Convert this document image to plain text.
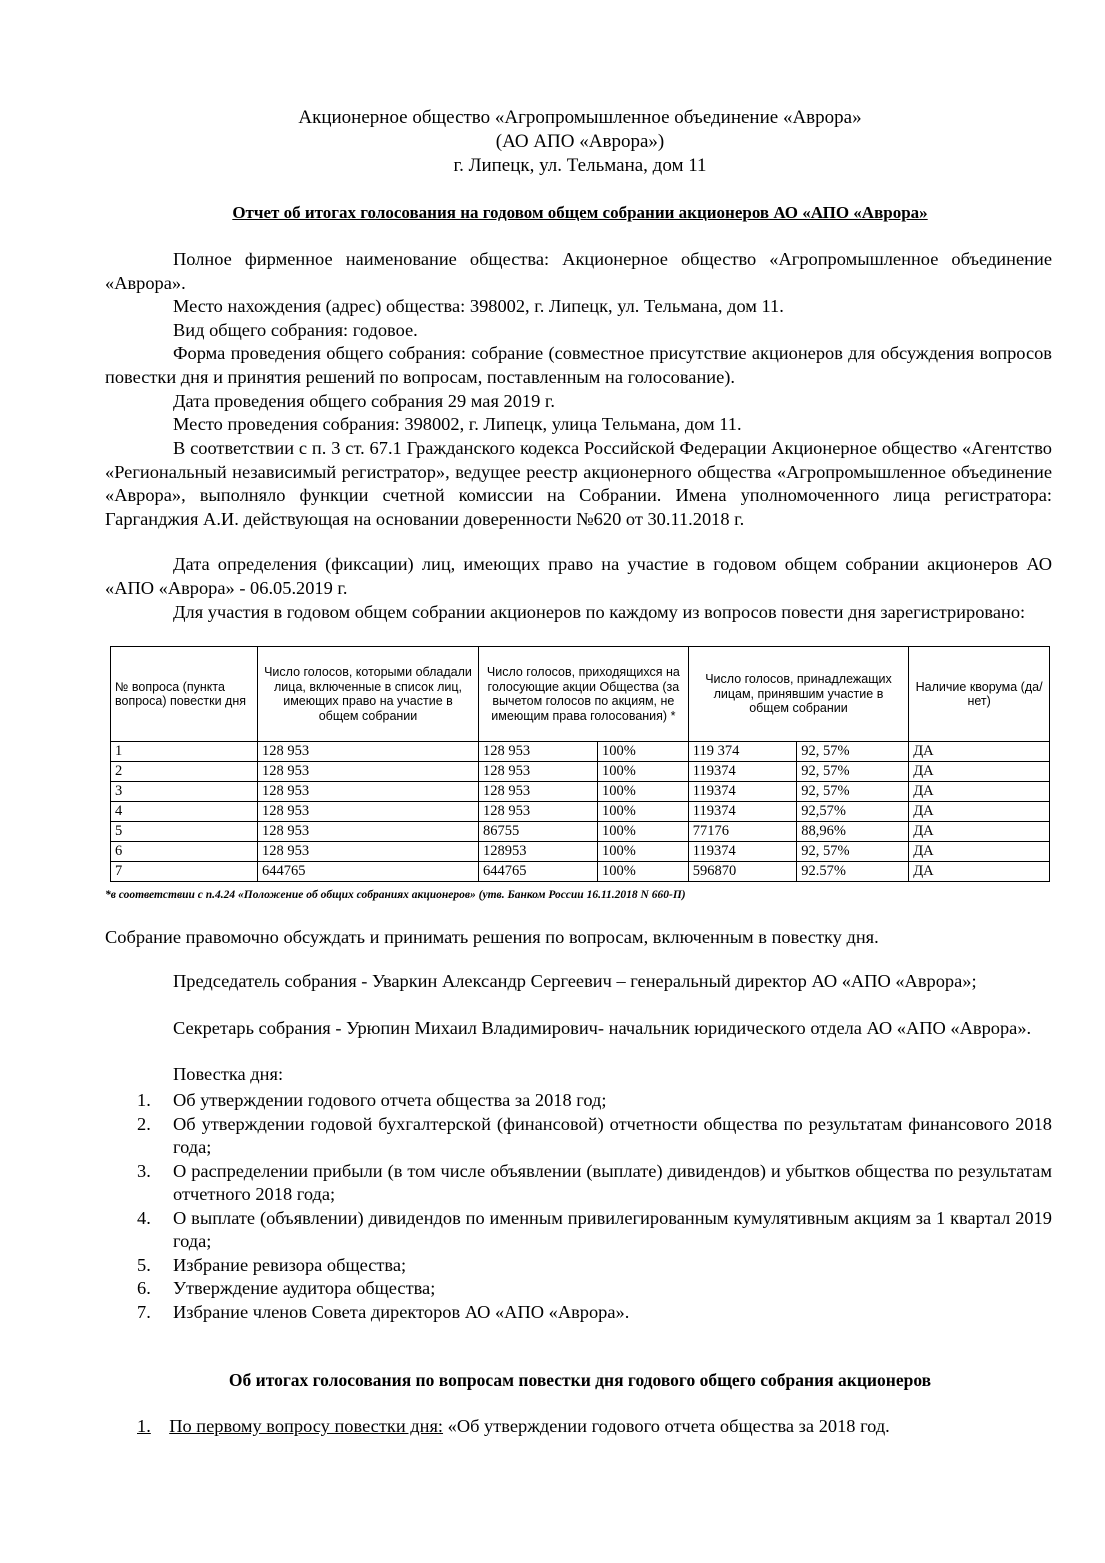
Акционерное общество «Агропромышленное объединение «Аврора»
(АО АПО «Аврора»)
г. Липецк, ул. Тельмана, дом 11
Отчет об итогах голосования на годовом общем собрании акционеров АО «АПО «Аврора»

Полное фирменное наименование общества: Акционерное общество «Агропромышленное объединение «Аврора».

Место нахождения (адрес) общества: 398002, г. Липецк, ул. Тельмана, дом 11.
Вид общего собрания: годовое.

Форма проведения общего собрания: собрание (совместное присутствие акционеров для обсуждения вопросов повестки дня и принятия решений по вопросам, поставленным на голосование).

Дата проведения общего собрания 29 мая 2019 г.
Место проведения собрания: 398002, г. Липецк, улица Тельмана, дом 11.

В соответствии с п. 3 ст. 67.1 Гражданского кодекса Российской Федерации Акционерное общество «Агентство «Региональный независимый регистратор», ведущее реестр акционерного общества «Агропромышленное объединение «Аврора», выполняло функции счетной комиссии на Собрании. Имена уполномоченного лица регистратора: Гарганджия А.И. действующая на основании доверенности №620 от 30.11.2018 г.

Дата определения (фиксации) лиц, имеющих право на участие в годовом общем собрании акционеров АО «АПО «Аврора» - 06.05.2019 г.

Для участия в годовом общем собрании акционеров по каждому из вопросов повести дня зарегистрировано:

№ вопроса (пункта вопроса) повестки дня	Число голосов, которыми обладали лица, включенные в список лиц, имеющих право на участие в общем собрании	Число голосов, приходящихся на голосующие акции Общества (за вычетом голосов по акциям, не имеющим права голосования) *		Число голосов, принадлежащих лицам, принявшим участие в общем собрании		Наличие кворума (да/нет)
1	128 953	128 953	100%	119 374	92, 57%	ДА
2	128 953	128 953	100%	119374	92, 57%	ДА
3	128 953	128 953	100%	119374	92, 57%	ДА
4	128 953	128 953	100%	119374	92,57%	ДА
5	128 953	86755	100%	77176	88,96%	ДА
6	128 953	128953	100%	119374	92, 57%	ДА
7	644765	644765	100%	596870	92.57%	ДА
*в соответствии с п.4.24 «Положение об общих собраниях акционеров» (утв. Банком России 16.11.2018 N 660-П)
Собрание правомочно обсуждать и принимать решения по вопросам, включенным в повестку дня.

Председатель собрания - Уваркин Александр Сергеевич – генеральный директор АО «АПО «Аврора»;

Секретарь собрания - Урюпин Михаил Владимирович- начальник юридического отдела АО «АПО «Аврора».

Повестка дня:
1. Об утверждении годового отчета общества за 2018 год;
2. Об утверждении годовой бухгалтерской (финансовой) отчетности общества по результатам финансового 2018 года;
3. О распределении прибыли (в том числе объявлении (выплате) дивидендов) и убытков общества по результатам отчетного 2018 года;
4. О выплате (объявлении) дивидендов по именным привилегированным кумулятивным акциям за 1 квартал 2019 года;
5. Избрание ревизора общества;
6. Утверждение аудитора общества;
7. Избрание членов Совета директоров АО «АПО «Аврора».
Об итогах голосования по вопросам повестки дня годового общего собрания акционеров
1. По первому вопросу повестки дня: «Об утверждении годового отчета общества за 2018 год.
